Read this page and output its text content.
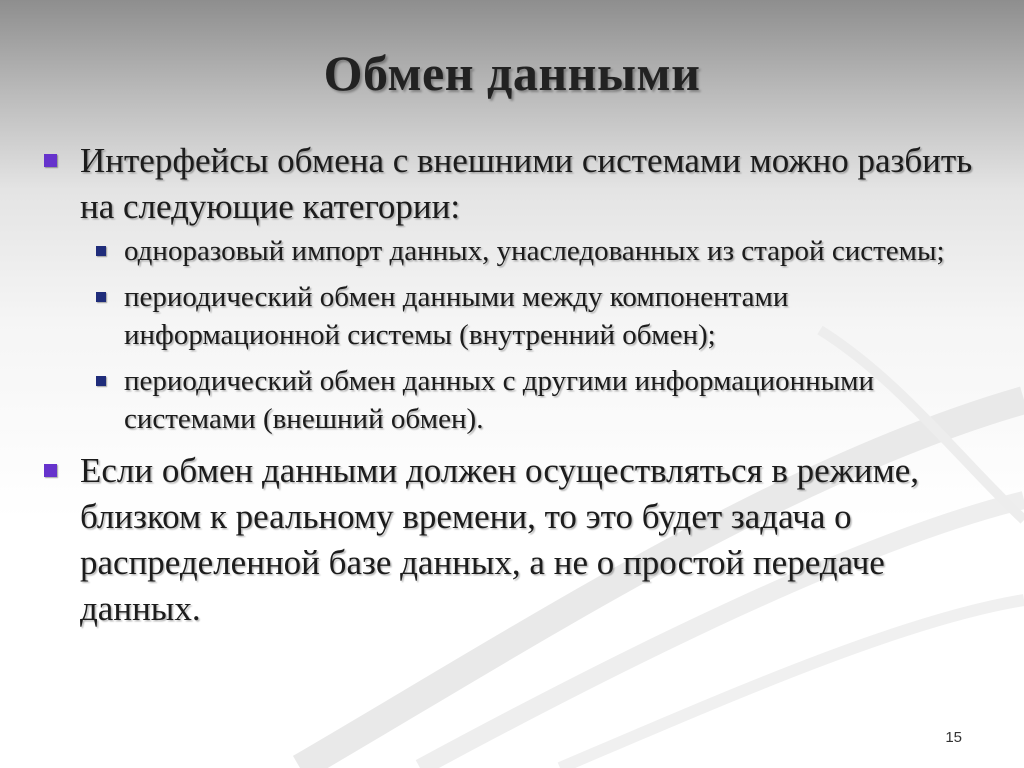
Обмен данными
Интерфейсы обмена с внешними системами можно разбить на следующие категории:
одноразовый импорт данных, унаследованных из старой системы;
периодический обмен данными между компонентами информационной системы (внутренний обмен);
периодический обмен данных с другими информационными системами (внешний обмен).
Если обмен данными должен осуществляться в режиме, близком к реальному времени, то это будет задача о распределенной базе данных, а не о простой передаче данных.
15
